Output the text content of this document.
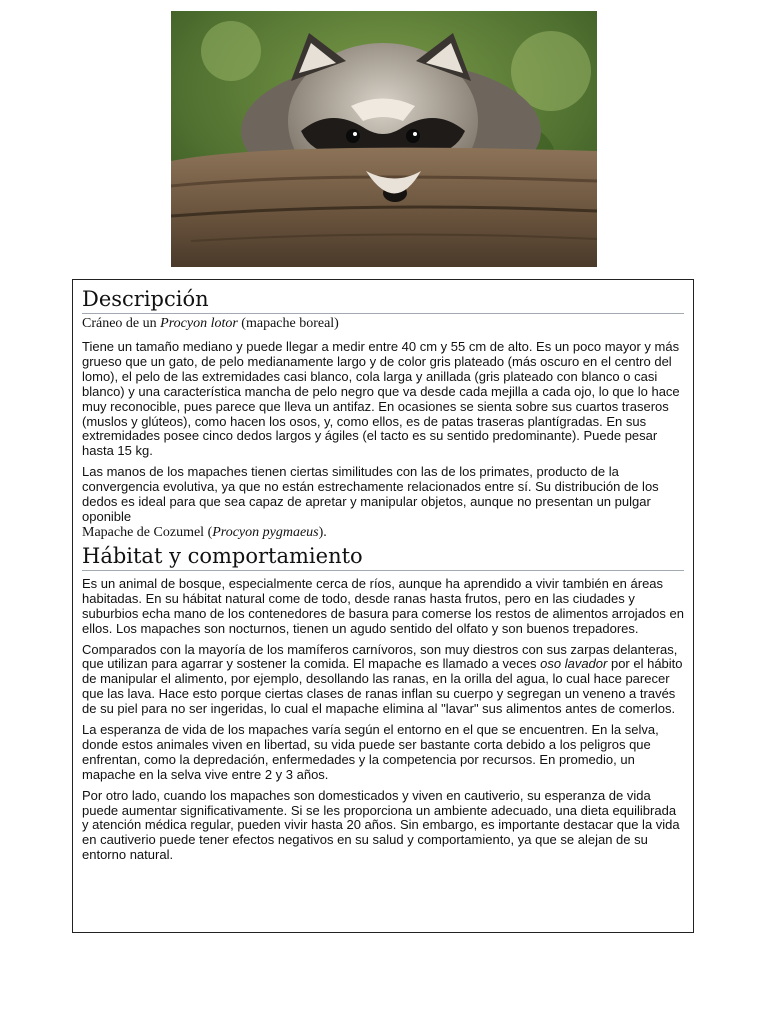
Descripción
Cráneo de un Procyon lotor (mapache boreal)

Tiene un tamaño mediano y puede llegar a medir entre 40 cm y 55 cm de alto. Es un poco mayor y más grueso que un gato, de pelo medianamente largo y de color gris plateado (más oscuro en el centro del lomo), el pelo de las extremidades casi blanco, cola larga y anillada (gris plateado con blanco o casi blanco) y una característica mancha de pelo negro que va desde cada mejilla a cada ojo, lo que lo hace muy reconocible, pues parece que lleva un antifaz. En ocasiones se sienta sobre sus cuartos traseros (muslos y glúteos), como hacen los osos, y, como ellos, es de patas traseras plantígradas. En sus extremidades posee cinco dedos largos y ágiles (el tacto es su sentido predominante). Puede pesar hasta 15 kg.

Las manos de los mapaches tienen ciertas similitudes con las de los primates, producto de la convergencia evolutiva, ya que no están estrechamente relacionados entre sí. Su distribución de los dedos es ideal para que sea capaz de apretar y manipular objetos, aunque no presentan un pulgar oponible

Mapache de Cozumel (Procyon pygmaeus).
Hábitat y comportamiento

Es un animal de bosque, especialmente cerca de ríos, aunque ha aprendido a vivir también en áreas habitadas. En su hábitat natural come de todo, desde ranas hasta frutos, pero en las ciudades y suburbios echa mano de los contenedores de basura para comerse los restos de alimentos arrojados en ellos. Los mapaches son nocturnos, tienen un agudo sentido del olfato y son buenos trepadores.

Comparados con la mayoría de los mamíferos carnívoros, son muy diestros con sus zarpas delanteras, que utilizan para agarrar y sostener la comida. El mapache es llamado a veces oso lavador por el hábito de manipular el alimento, por ejemplo, desollando las ranas, en la orilla del agua, lo cual hace parecer que las lava. Hace esto porque ciertas clases de ranas inflan su cuerpo y segregan un veneno a través de su piel para no ser ingeridas, lo cual el mapache elimina al "lavar" sus alimentos antes de comerlos.

La esperanza de vida de los mapaches varía según el entorno en el que se encuentren. En la selva, donde estos animales viven en libertad, su vida puede ser bastante corta debido a los peligros que enfrentan, como la depredación, enfermedades y la competencia por recursos. En promedio, un mapache en la selva vive entre 2 y 3 años.

Por otro lado, cuando los mapaches son domesticados y viven en cautiverio, su esperanza de vida puede aumentar significativamente. Si se les proporciona un ambiente adecuado, una dieta equilibrada y atención médica regular, pueden vivir hasta 20 años. Sin embargo, es importante destacar que la vida en cautiverio puede tener efectos negativos en su salud y comportamiento, ya que se alejan de su entorno natural.
